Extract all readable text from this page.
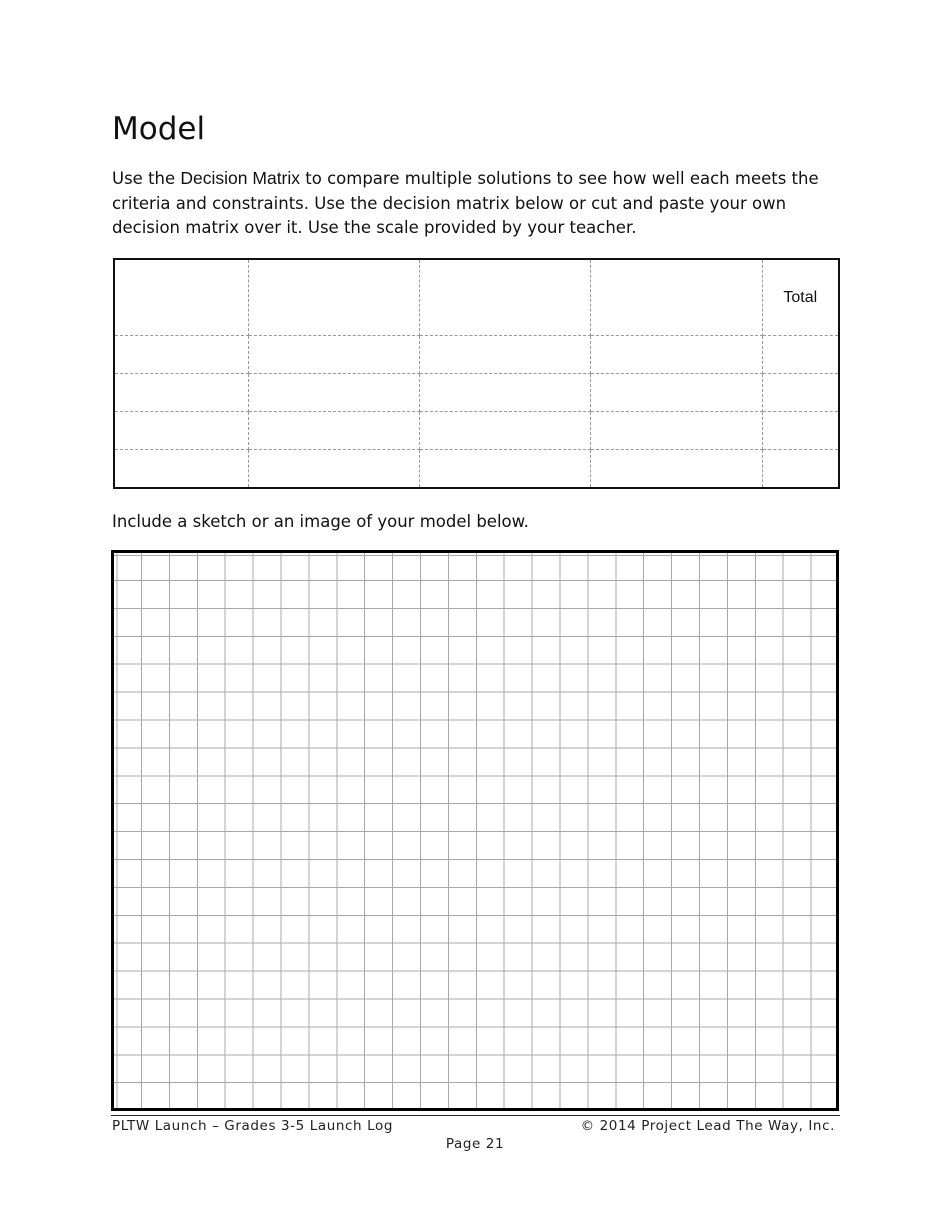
Model

Use the Decision Matrix to compare multiple solutions to see how well each meets the criteria and constraints. Use the decision matrix below or cut and paste your own decision matrix over it. Use the scale provided by your teacher.

				Total

Include a sketch or an image of your model below.

PLTW Launch – Grades 3-5 Launch Log	© 2014 Project Lead The Way, Inc.
Page 21
